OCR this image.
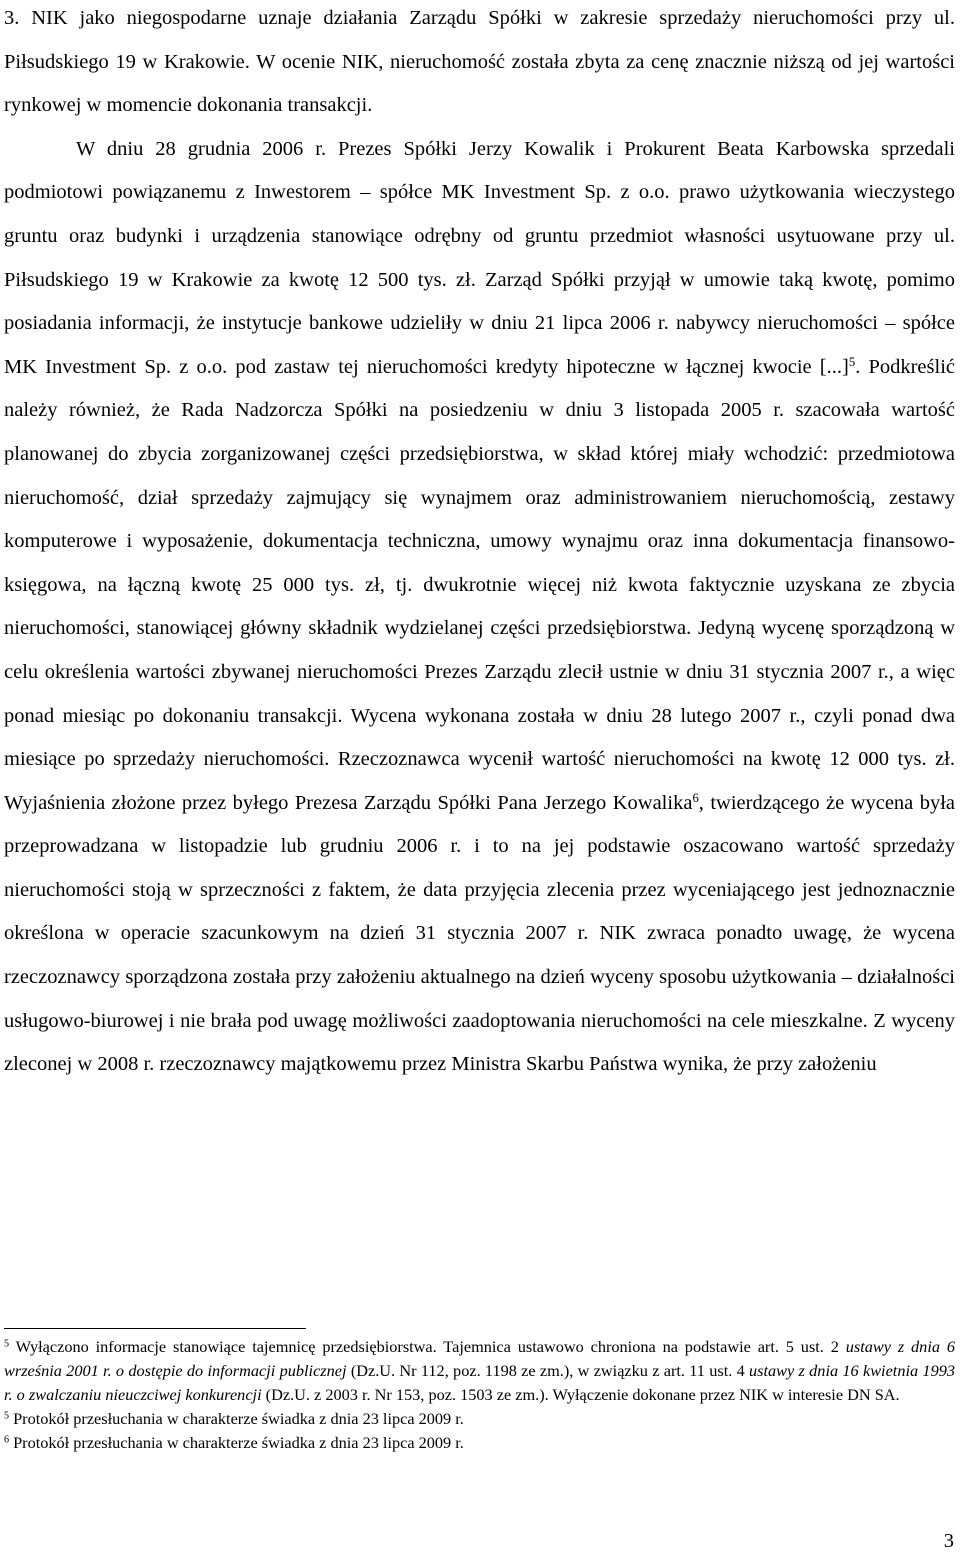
3. NIK jako niegospodarne uznaje działania Zarządu Spółki w zakresie sprzedaży nieruchomości przy ul. Piłsudskiego 19 w Krakowie. W ocenie NIK, nieruchomość została zbyta za cenę znacznie niższą od jej wartości rynkowej w momencie dokonania transakcji.

W dniu 28 grudnia 2006 r. Prezes Spółki Jerzy Kowalik i Prokurent Beata Karbowska sprzedali podmiotowi powiązanemu z Inwestorem – spółce MK Investment Sp. z o.o. prawo użytkowania wieczystego gruntu oraz budynki i urządzenia stanowiące odrębny od gruntu przedmiot własności usytuowane przy ul. Piłsudskiego 19 w Krakowie za kwotę 12 500 tys. zł. Zarząd Spółki przyjął w umowie taką kwotę, pomimo posiadania informacji, że instytucje bankowe udzieliły w dniu 21 lipca 2006 r. nabywcy nieruchomości – spółce MK Investment Sp. z o.o. pod zastaw tej nieruchomości kredyty hipoteczne w łącznej kwocie [...]$^5$. Podkreślić należy również, że Rada Nadzorcza Spółki na posiedzeniu w dniu 3 listopada 2005 r. szacowała wartość planowanej do zbycia zorganizowanej części przedsiębiorstwa, w skład której miały wchodzić: przedmiotowa nieruchomość, dział sprzedaży zajmujący się wynajmem oraz administrowaniem nieruchomością, zestawy komputerowe i wyposażenie, dokumentacja techniczna, umowy wynajmu oraz inna dokumentacja finansowo-księgowa, na łączną kwotę 25 000 tys. zł, tj. dwukrotnie więcej niż kwota faktycznie uzyskana ze zbycia nieruchomości, stanowiącej główny składnik wydzielanej części przedsiębiorstwa. Jedyną wycenę sporządzoną w celu określenia wartości zbywanej nieruchomości Prezes Zarządu zlecił ustnie w dniu 31 stycznia 2007 r., a więc ponad miesiąc po dokonaniu transakcji. Wycena wykonana została w dniu 28 lutego 2007 r., czyli ponad dwa miesiące po sprzedaży nieruchomości. Rzeczoznawca wycenił wartość nieruchomości na kwotę 12 000 tys. zł. Wyjaśnienia złożone przez byłego Prezesa Zarządu Spółki Pana Jerzego Kowalika$^6$, twierdzącego że wycena była przeprowadzana w listopadzie lub grudniu 2006 r. i to na jej podstawie oszacowano wartość sprzedaży nieruchomości stoją w sprzeczności z faktem, że data przyjęcia zlecenia przez wyceniającego jest jednoznacznie określona w operacie szacunkowym na dzień 31 stycznia 2007 r. NIK zwraca ponadto uwagę, że wycena rzeczoznawcy sporządzona została przy założeniu aktualnego na dzień wyceny sposobu użytkowania – działalności usługowo-biurowej i nie brała pod uwagę możliwości zaadoptowania nieruchomości na cele mieszkalne. Z wyceny zleconej w 2008 r. rzeczoznawcy majątkowemu przez Ministra Skarbu Państwa wynika, że przy założeniu

$^5$ Wyłączono informacje stanowiące tajemnicę przedsiębiorstwa. Tajemnica ustawowo chroniona na podstawie art. 5 ust. 2 ustawy z dnia 6 września 2001 r. o dostępie do informacji publicznej (Dz.U. Nr 112, poz. 1198 ze zm.), w związku z art. 11 ust. 4 ustawy z dnia 16 kwietnia 1993 r. o zwalczaniu nieuczciwej konkurencji (Dz.U. z 2003 r. Nr 153, poz. 1503 ze zm.). Wyłączenie dokonane przez NIK w interesie DN SA.

$^5$ Protokół przesłuchania w charakterze świadka z dnia 23 lipca 2009 r.

$^6$ Protokół przesłuchania w charakterze świadka z dnia 23 lipca 2009 r.

3
